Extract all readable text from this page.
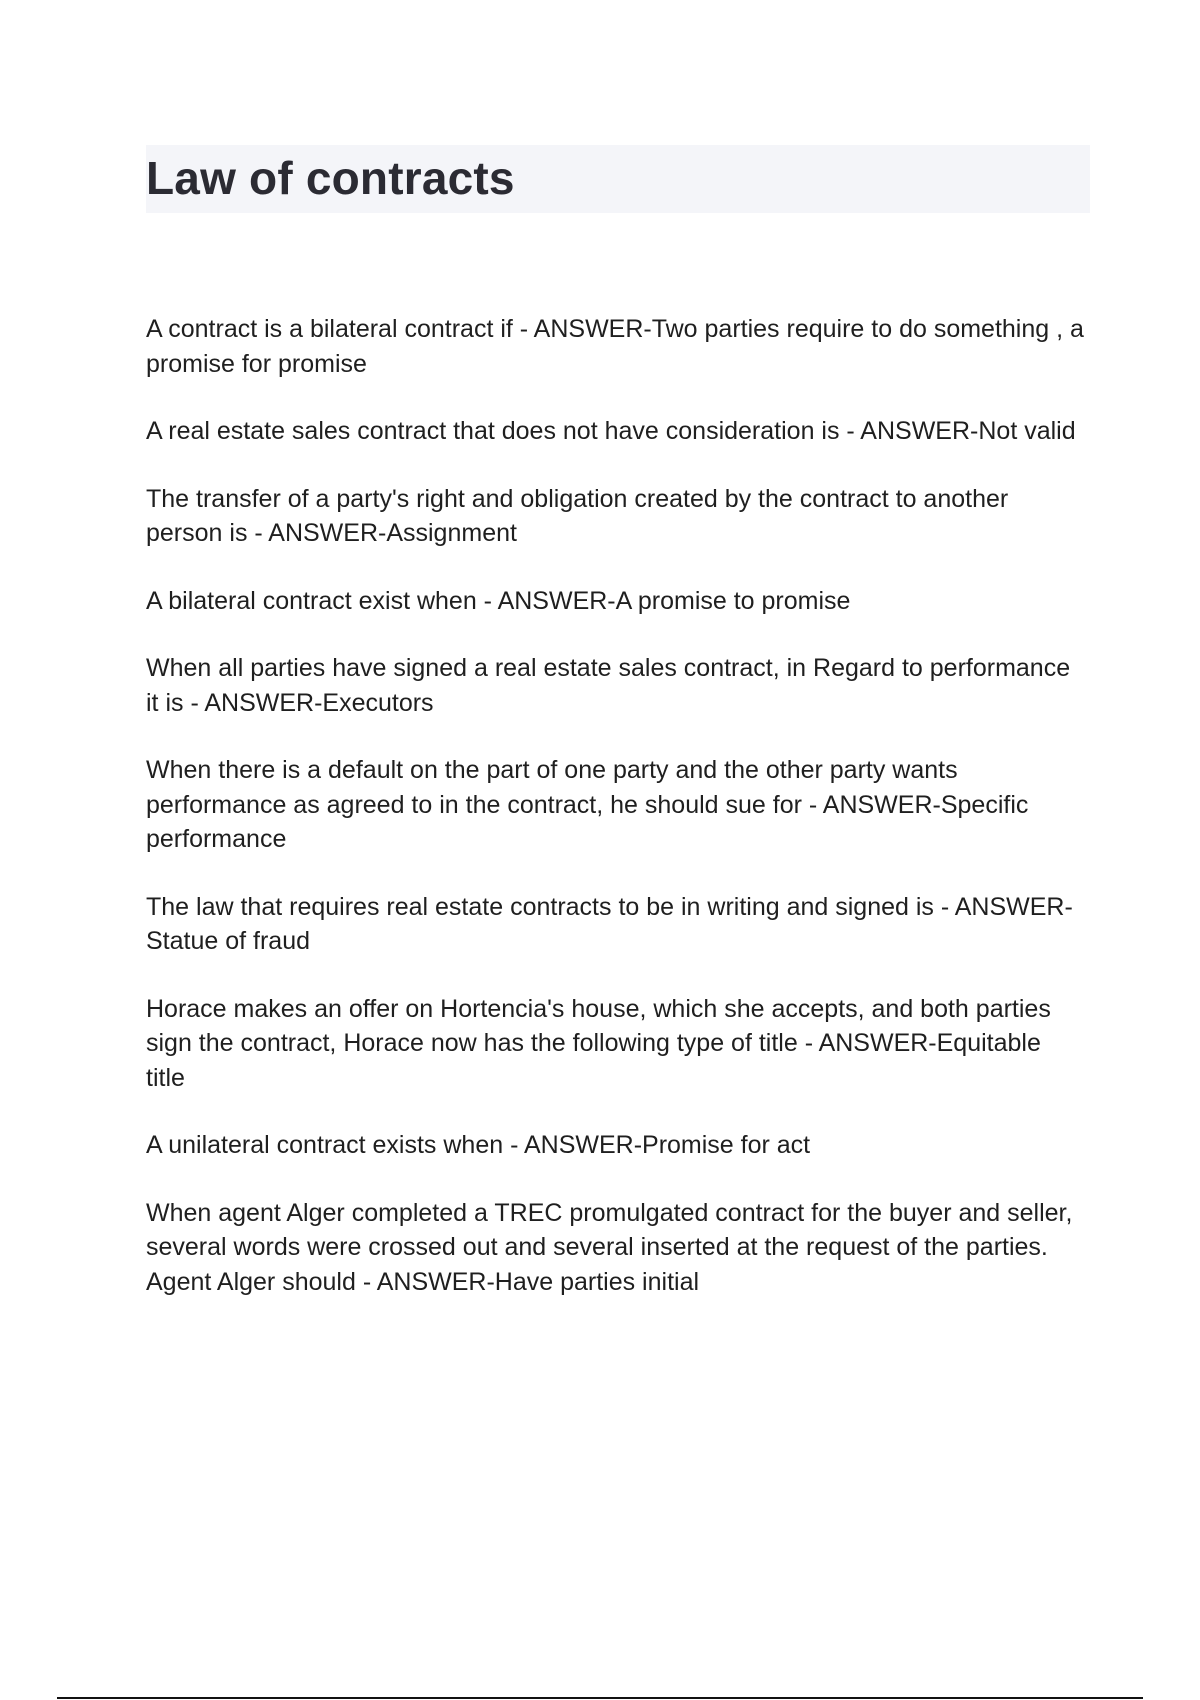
Law of contracts
A contract is a bilateral contract if - ANSWER-Two parties require to do something , a promise for promise
A real estate sales contract that does not have consideration is - ANSWER-Not valid
The transfer of a party's right and obligation created by the contract to another person is - ANSWER-Assignment
A bilateral contract exist when - ANSWER-A promise to promise
When all parties have signed a real estate sales contract, in Regard to performance it is - ANSWER-Executors
When there is a default on the part of one party and the other party wants performance as agreed to in the contract, he should sue for - ANSWER-Specific performance
The law that requires real estate contracts to be in writing and signed is - ANSWER-Statue of fraud
Horace makes an offer on Hortencia's house, which she accepts, and both parties sign the contract, Horace now has the following type of title - ANSWER-Equitable title
A unilateral contract exists when - ANSWER-Promise for act
When agent Alger completed a TREC promulgated contract for the buyer and seller, several words were crossed out and several inserted at the request of the parties. Agent Alger should - ANSWER-Have parties initial
